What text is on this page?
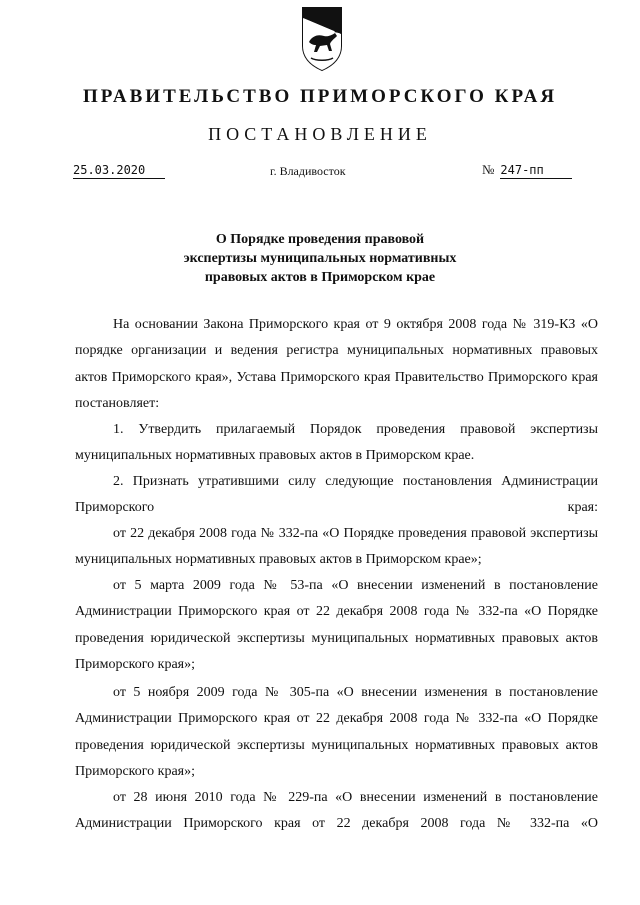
ПРАВИТЕЛЬСТВО ПРИМОРСКОГО КРАЯ
ПОСТАНОВЛЕНИЕ
25.03.2020	г. Владивосток	№ 247-пп
О Порядке проведения правовой
экспертизы муниципальных нормативных
правовых актов в Приморском крае

На основании Закона Приморского края от 9 октября 2008 года № 319-КЗ «О порядке организации и ведения регистра муниципальных нормативных правовых актов Приморского края», Устава Приморского края Правительство Приморского края постановляет:

1. Утвердить прилагаемый Порядок проведения правовой экспертизы муниципальных нормативных правовых актов в Приморском крае.

2. Признать утратившими силу следующие постановления Администрации Приморского края:

от 22 декабря 2008 года № 332-па «О Порядке проведения правовой экспертизы муниципальных нормативных правовых актов в Приморском крае»;

от 5 марта 2009 года № 53-па «О внесении изменений в постановление Администрации Приморского края от 22 декабря 2008 года № 332-па «О Порядке проведения юридической экспертизы муниципальных нормативных правовых актов Приморского края»;

от 5 ноября 2009 года № 305-па «О внесении изменения в постановление Администрации Приморского края от 22 декабря 2008 года № 332-па «О Порядке проведения юридической экспертизы муниципальных нормативных правовых актов Приморского края»;

от 28 июня 2010 года № 229-па «О внесении изменений в постановление Администрации Приморского края от 22 декабря 2008 года № 332-па «О
